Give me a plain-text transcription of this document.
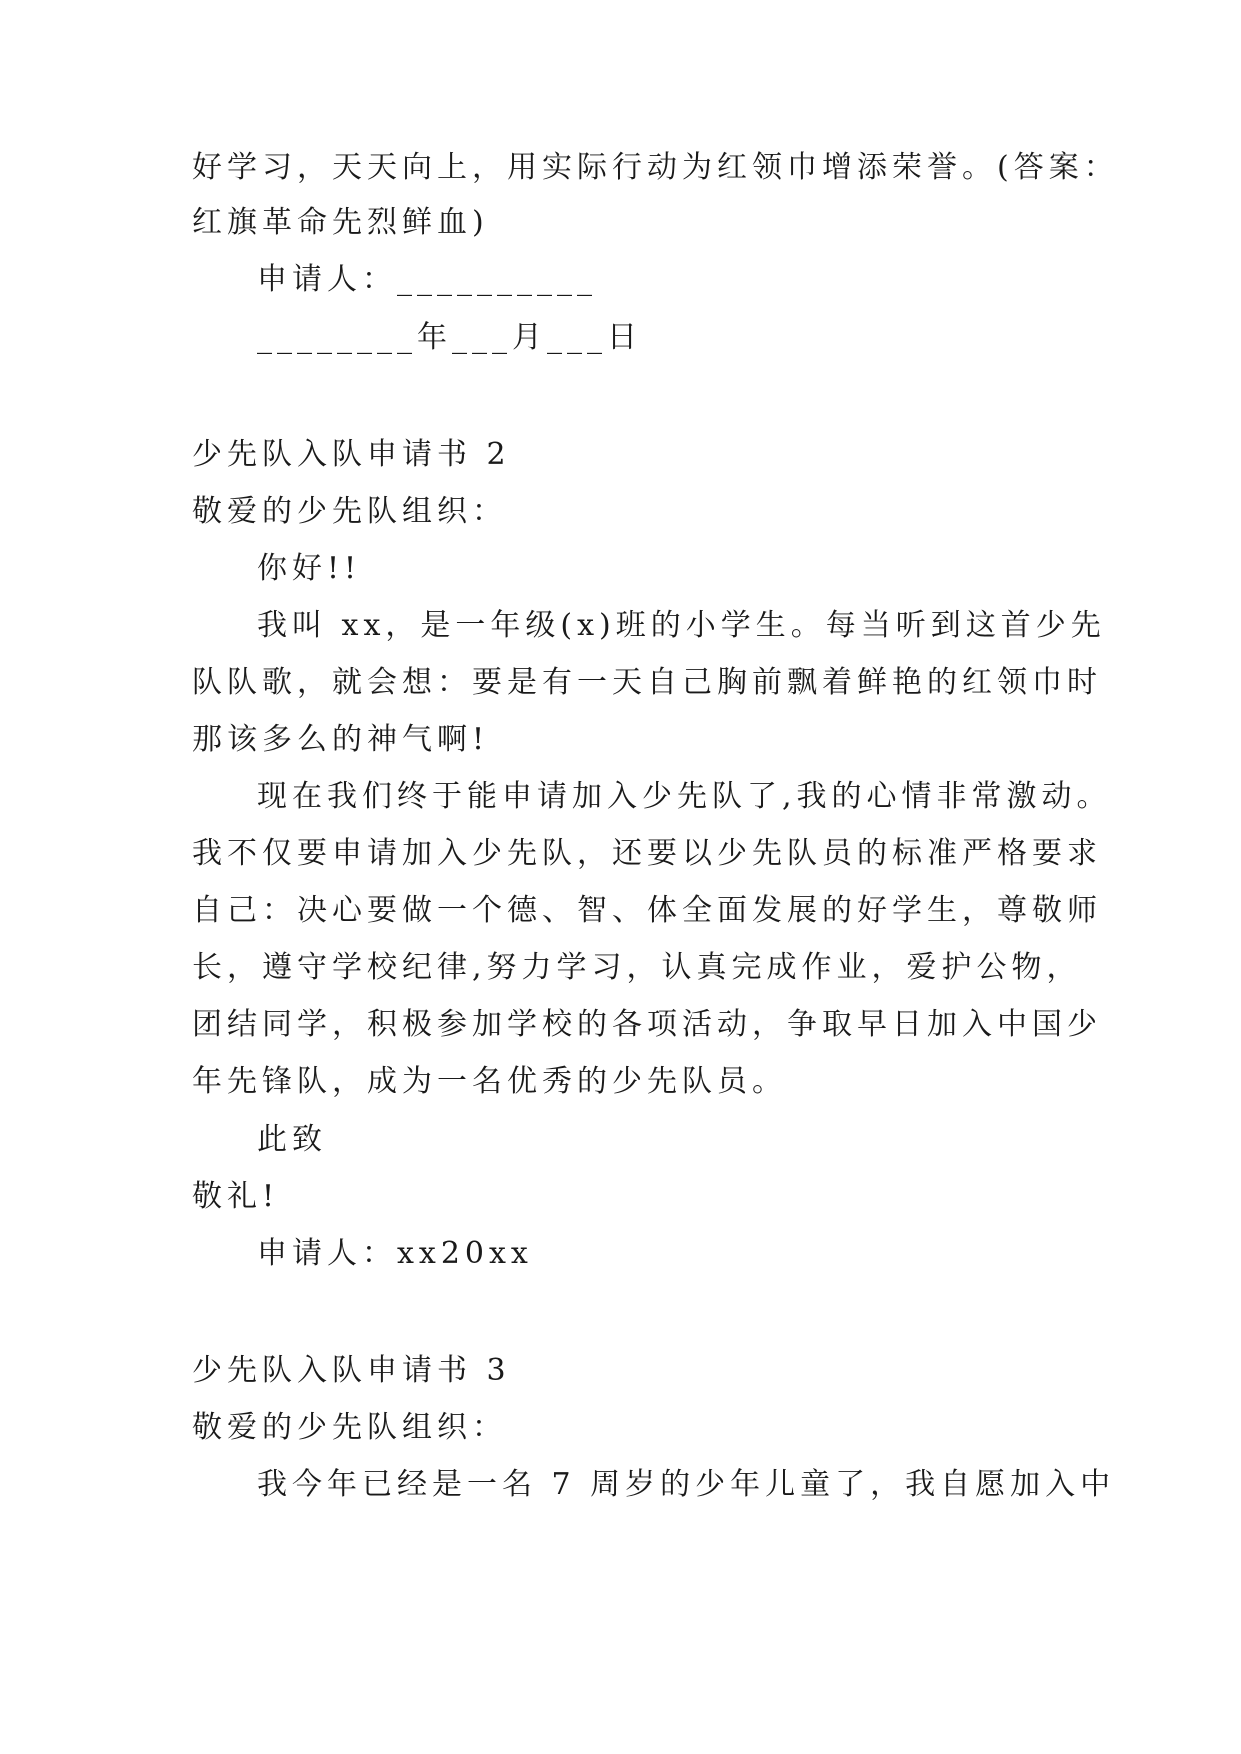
好学习，天天向上，用实际行动为红领巾增添荣誉。(答案：
红旗革命先烈鲜血)
申请人：__________
________年___月___日
少先队入队申请书 2
敬爱的少先队组织：
你好!!
我叫 xx，是一年级(x)班的小学生。每当听到这首少先
队队歌，就会想：要是有一天自己胸前飘着鲜艳的红领巾时
那该多么的神气啊!
现在我们终于能申请加入少先队了,我的心情非常激动。
我不仅要申请加入少先队，还要以少先队员的标准严格要求
自己：决心要做一个德、智、体全面发展的好学生，尊敬师
长，遵守学校纪律,努力学习，认真完成作业，爱护公物，
团结同学，积极参加学校的各项活动，争取早日加入中国少
年先锋队，成为一名优秀的少先队员。
此致
敬礼!
申请人：xx20xx
少先队入队申请书 3
敬爱的少先队组织：
我今年已经是一名 7 周岁的少年儿童了，我自愿加入中
